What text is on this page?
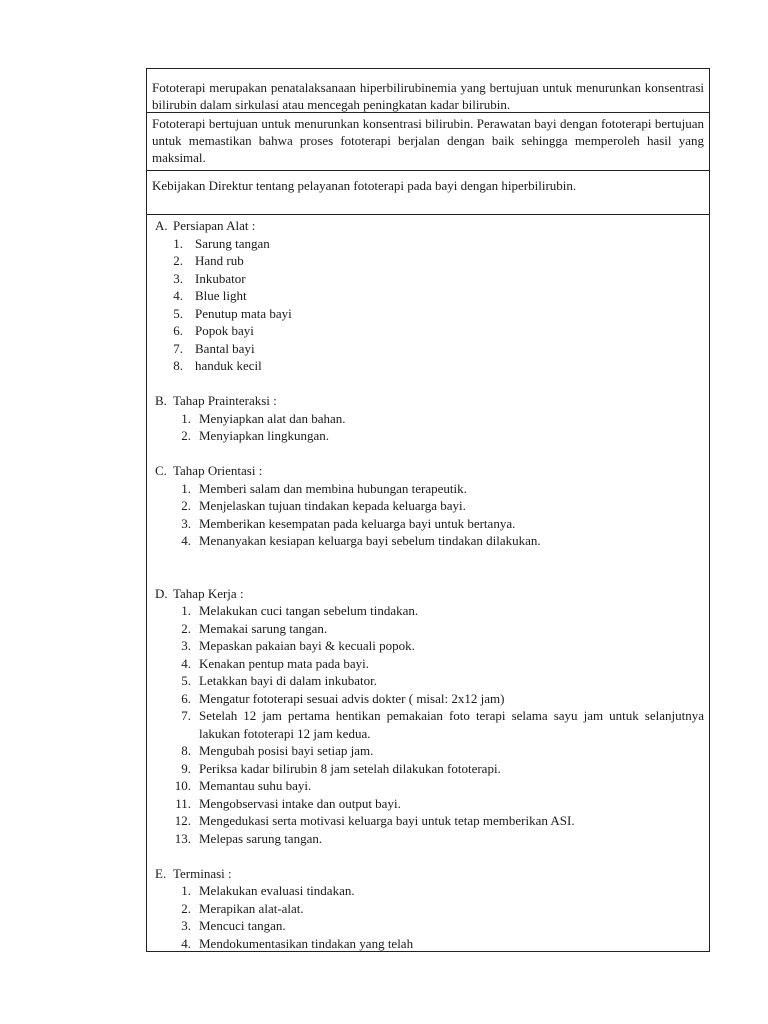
Fototerapi merupakan penatalaksanaan hiperbilirubinemia yang bertujuan untuk menurunkan konsentrasi bilirubin dalam sirkulasi atau mencegah peningkatan kadar bilirubin.

Fototerapi bertujuan untuk menurunkan konsentrasi bilirubin. Perawatan bayi dengan fototerapi bertujuan untuk memastikan bahwa proses fototerapi berjalan dengan baik sehingga memperoleh hasil yang maksimal.

Kebijakan Direktur tentang pelayanan fototerapi pada bayi dengan hiperbilirubin.

A. Persiapan Alat :
1. Sarung tangan
2. Hand rub
3. Inkubator
4. Blue light
5. Penutup mata bayi
6. Popok bayi
7. Bantal bayi
8. handuk kecil
B. Tahap Prainteraksi :
1. Menyiapkan alat dan bahan.
2. Menyiapkan lingkungan.
C. Tahap Orientasi :
1. Memberi salam dan membina hubungan terapeutik.
2. Menjelaskan tujuan tindakan kepada keluarga bayi.
3. Memberikan kesempatan pada keluarga bayi untuk bertanya.
4. Menanyakan kesiapan keluarga bayi sebelum tindakan dilakukan.
D. Tahap Kerja :
1. Melakukan cuci tangan sebelum tindakan.
2. Memakai sarung tangan.
3. Mepaskan pakaian bayi & kecuali popok.
4. Kenakan pentup mata pada bayi.
5. Letakkan bayi di dalam inkubator.
6. Mengatur fototerapi sesuai advis dokter ( misal: 2x12 jam)
7. Setelah 12 jam pertama hentikan pemakaian foto terapi selama sayu jam untuk selanjutnya lakukan fototerapi 12 jam kedua.
8. Mengubah posisi bayi setiap jam.
9. Periksa kadar bilirubin 8 jam setelah dilakukan fototerapi.
10. Memantau suhu bayi.
11. Mengobservasi intake dan output bayi.
12. Mengedukasi serta motivasi keluarga bayi untuk tetap memberikan ASI.
13. Melepas sarung tangan.
E. Terminasi :
1. Melakukan evaluasi tindakan.
2. Merapikan alat-alat.
3. Mencuci tangan.
4. Mendokumentasikan tindakan yang telah
